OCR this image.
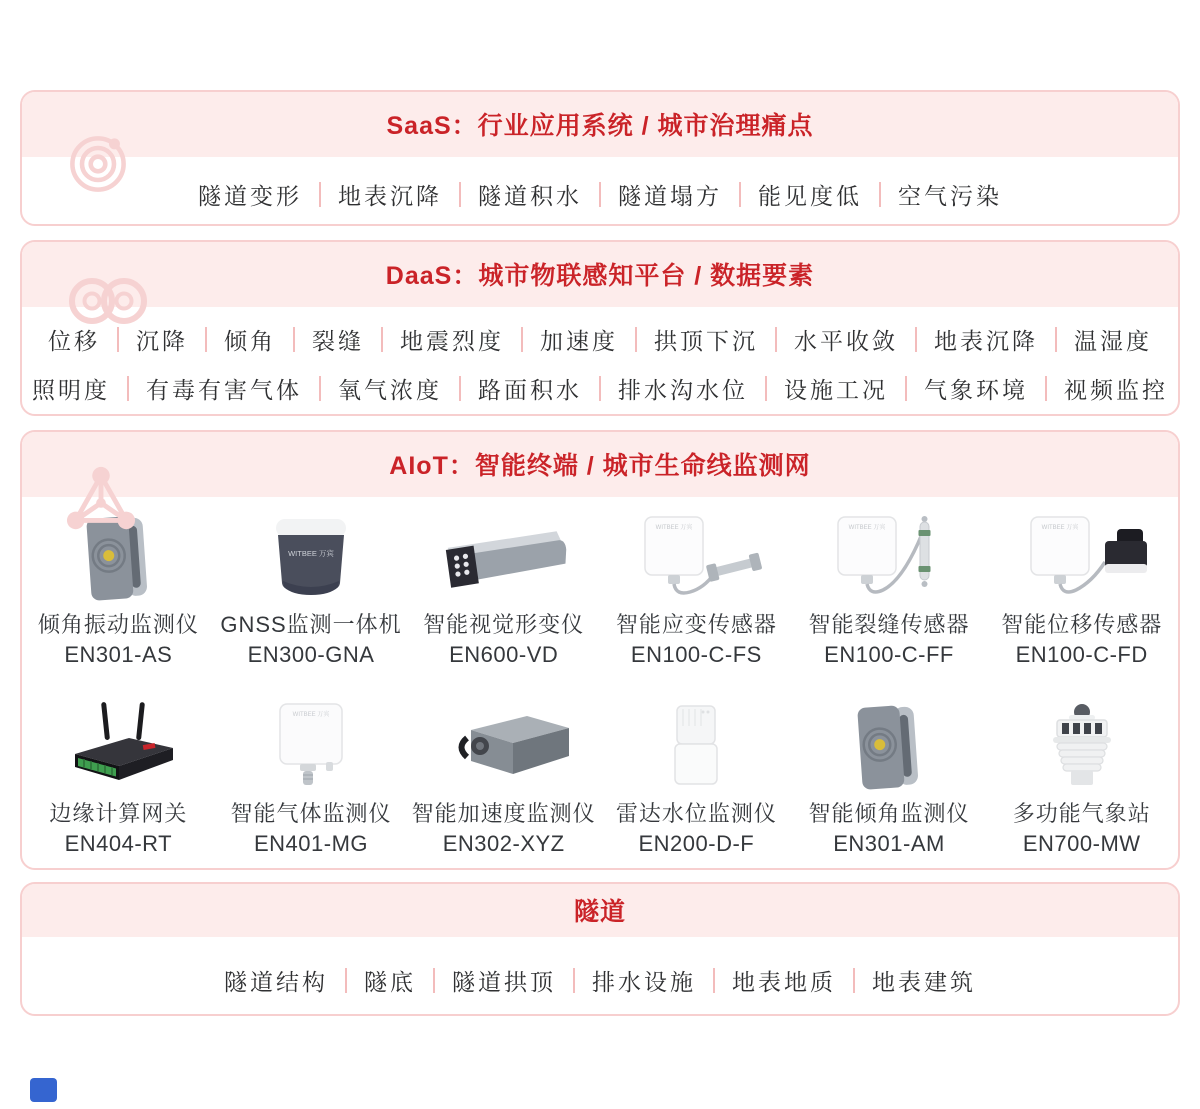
SaaS：行业应用系统 / 城市治理痛点
隧道变形	地表沉降	隧道积水	隧道塌方	能见度低	空气污染
DaaS：城市物联感知平台 / 数据要素
位移	沉降	倾角	裂缝	地震烈度	加速度	拱顶下沉	水平收敛	地表沉降	温湿度
照明度	有毒有害气体	氧气浓度	路面积水	排水沟水位	设施工况	气象环境	视频监控
AIoT：智能终端 / 城市生命线监测网
倾角振动监测仪
EN301-AS
WITBEE 万宾
GNSS监测一体机
EN300-GNA
智能视觉形变仪
EN600-VD
WITBEE 万宾
智能应变传感器
EN100-C-FS
WITBEE 万宾
智能裂缝传感器
EN100-C-FF
WITBEE 万宾
智能位移传感器
EN100-C-FD
边缘计算网关
EN404-RT
WITBEE 万宾
智能气体监测仪
EN401-MG
智能加速度监测仪
EN302-XYZ
雷达水位监测仪
EN200-D-F
智能倾角监测仪
EN301-AM
多功能气象站
EN700-MW
隧道
隧道结构	隧底	隧道拱顶	排水设施	地表地质	地表建筑
